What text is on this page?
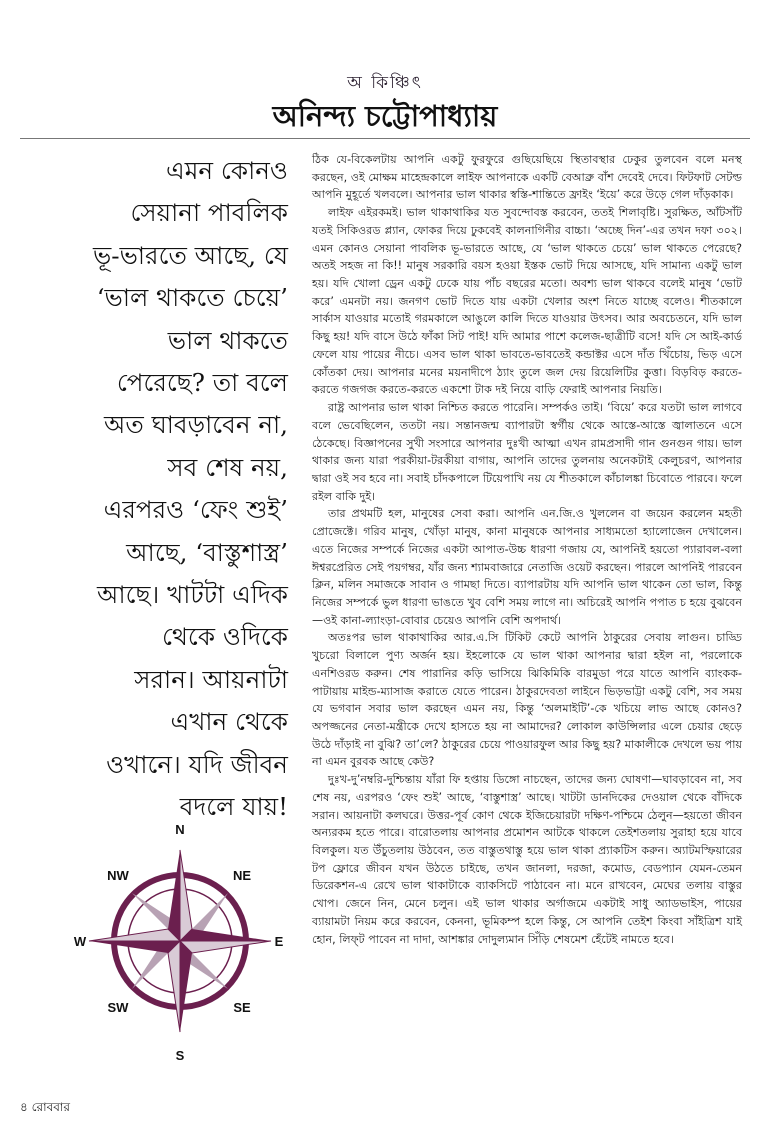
অ কিঞ্চিৎ
অনিন্দ্য চট্টোপাধ্যায়
এমন কোনও
সেয়ানা পাবলিক
ভূ-ভারতে আছে, যে
‘ভাল থাকতে চেয়ে’
ভাল থাকতে
পেরেছে? তা বলে
অত ঘাবড়াবেন না,
সব শেষ নয়,
এরপরও ‘ফেং শুই’
আছে, ‘বাস্তুশাস্ত্র’
আছে। খাটটা এদিক
থেকে ওদিকে
সরান। আয়নাটা
এখান থেকে
ওখানে। যদি জীবন
বদলে যায়!
N
NE
E
SE
S
SW
W
NW

ঠিক যে-বিকেলটায় আপনি একটু ফুরফুরে গুছিয়েছিয়ে স্থিতাবস্থার ঢেকুর তুলবেন বলে মনস্থ করছেন, ওই মোক্ষম মাহেন্দ্রকালে লাইফ আপনাকে একটি বেআব্রু বাঁশ দেবেই দেবে। ফিটফাট সেটল্ড আপনি মুহূর্তে খলবলে। আপনার ভাল থাকার স্বস্তি-শান্তিতে ফ্রাইং ‘ইয়ে’ করে উড়ে গেল দাঁড়কাক।

লাইফ এইরকমই। ভাল থাকাথাকির যত সুবন্দোবস্ত করবেন, ততই শিলাবৃষ্টি। সুরক্ষিত, আঁটসাঁট যতই সিকিওরড প্ল্যান, ফোকর দিয়ে ঢুকবেই কালনাগিনীর বাচ্চা। ‘অচ্ছে দিন’-এর তখন দফা ৩০২। এমন কোনও সেয়ানা পাবলিক ভূ-ভারতে আছে, যে ‘ভাল থাকতে চেয়ে’ ভাল থাকতে পেরেছে? অতই সহজ না কি!! মানুষ সরকারি বয়স হওয়া ইস্তক ভোট দিয়ে আসছে, যদি সামান্য একটু ভাল হয়। যদি খোলা ড্রেন একটু ঢেকে যায় পাঁচ বছরের মতো। অবশ্য ভাল থাকবে বলেই মানুষ ‘ভোট করে’ এমনটা নয়। জনগণ ভোট দিতে যায় একটা খেলার অংশ নিতে যাচ্ছে বলেও। শীতকালে সার্কাস যাওয়ার মতোই গরমকালে আঙুলে কালি দিতে যাওয়ার উৎসব। আর অবচেতনে, যদি ভাল কিছু হয়! যদি বাসে উঠে ফাঁকা সিট পাই! যদি আমার পাশে কলেজ-ছাত্রীটি বসে! যদি সে আই-কার্ড ফেলে যায় পায়ের নীচে। এসব ভাল থাকা ভাবতে-ভাবতেই কন্ডাক্টর এসে দাঁত খিঁচোয়, ভিড় এসে কোঁতকা দেয়। আপনার মনের ময়নাদীপে ঠ্যাং তুলে জল দেয় রিয়েলিটির কুত্তা। বিড়বিড় করতে-করতে গজগজ করতে-করতে একশো টাক দই নিয়ে বাড়ি ফেরাই আপনার নিয়তি।

রাষ্ট্র আপনার ভাল থাকা নিশ্চিত করতে পারেনি। সম্পর্কও তাই। ‘বিয়ে’ করে যতটা ভাল লাগবে বলে ভেবেছিলেন, ততটা নয়। সন্তানজন্ম ব্যাপারটা স্বর্গীয় থেকে আস্তে-আস্তে জ্বালাতনে এসে ঠেকেছে। বিজ্ঞাপনের সুখী সংসারে আপনার দুঃখী আত্মা এখন রামপ্রসাদী গান গুনগুন গায়। ভাল থাকার জন্য যারা পরকীয়া-টরকীয়া বাগায়, আপনি তাদের তুলনায় অনেকটাই কেলুচরণ, আপনার দ্বারা ওই সব হবে না। সবাই চাঁদকপালে টিয়েপাখি নয় যে শীতকালে কাঁচালঙ্কা চিবোতে পারবে। ফলে রইল বাকি দুই।

তার প্রথমটি হল, মানুষের সেবা করা। আপনি এন.জি.ও খুললেন বা জয়েন করলেন মহতী প্রোজেক্টে। গরিব মানুষ, খোঁড়া মানুষ, কানা মানুষকে আপনার সাধ্যমতো হ্যালোজেন দেখালেন। এতে নিজের সম্পর্কে নিজের একটা আপাত-উচ্চ ধারণা গজায় যে, আপনিই হয়তো প্যারাবল-বলা ঈশ্বরপ্রেরিত সেই পয়গম্বর, যাঁর জন্য শ্যামবাজারে নেতাজি ওয়েট করছেন। পারলে আপনিই পারবেন ক্লিন, মলিন সমাজকে সাবান ও গামছা দিতে। ব্যাপারটায় যদি আপনি ভাল থাকেন তো ভাল, কিন্তু নিজের সম্পর্কে ভুল ধারণা ভাঙতে খুব বেশি সময় লাগে না। অচিরেই আপনি পপাত চ হয়ে বুঝবেন—ওই কানা-ল্যাংড়া-বোবার চেয়েও আপনি বেশি অপদার্থ।

অতঃপর ভাল থাকাথাকির আর.এ.সি টিকিট কেটে আপনি ঠাকুরের সেবায় লাগুন। চাড্ডি খুচরো বিলালে পুণ্য অর্জন হয়। ইহলোকে যে ভাল থাকা আপনার দ্বারা হইল না, পরলোকে এনশিওরড করুন। শেষ পারানির কড়ি ভাসিয়ে ঝিকিমিকি বারমুডা পরে যাতে আপনি ব্যাংকক-পাটায়ায় মাইন্ড-ম্যাসাজ করাতে যেতে পারেন। ঠাকুরদেবতা লাইনে ভিড়ভাট্টা একটু বেশি, সব সময় যে ভগবান সবার ভাল করছেন এমন নয়, কিন্তু ‘অলমাইটি’-কে খচিয়ে লাভ আছে কোনও? অপজ্জনের নেতা-মন্ত্রীকে দেখে হাসতে হয় না আমাদের? লোকাল কাউন্সিলার এলে চেয়ার ছেড়ে উঠে দাঁড়াই না বুঝি? তা’লে? ঠাকুরের চেয়ে পাওয়ারফুল আর কিছু হয়? মাকালীকে দেখলে ভয় পায় না এমন বুরবক আছে কেউ?

দুঃখ-দু’নম্বরি-দুশ্চিন্তায় যাঁরা ফি হপ্তায় ডিঙ্গো নাচছেন, তাদের জন্য ঘোষণা—ঘাবড়াবেন না, সব শেষ নয়, এরপরও ‘ফেং শুই’ আছে, ‘বাস্তুশাস্ত্র’ আছে। খাটটা ডানদিকের দেওয়াল থেকে বাঁদিকে সরান। আয়নাটা কলঘরে। উত্তর-পূর্ব কোণ থেকে ইজিচেয়ারটা দক্ষিণ-পশ্চিমে ঠেলুন—হয়তো জীবন অন্যরকম হতে পারে। বারোতলায় আপনার প্রমোশন আটকে থাকলে তেইশতলায় সুরাহা হয়ে যাবে বিলকুল। যত উঁচুতলায় উঠবেন, তত বাস্তুতথাস্তু হয়ে ভাল থাকা প্র্যাকটিস করুন। অ্যাটমস্ফিয়ারের টপ ফ্লোরে জীবন যখন উঠতে চাইছে, তখন জানলা, দরজা, কমোড, বেডপ্যান যেমন-তেমন ডিরেকশন-এ রেখে ভাল থাকাটাকে ব্যাকসিটে পাঠাবেন না। মনে রাখবেন, মেঘের তলায় বাস্তুর খোপ। জেনে নিন, মেনে চলুন। এই ভাল থাকার অর্গাজমে একটাই সাধু অ্যাডভাইস, পায়ের ব্যায়ামটা নিয়ম করে করবেন, কেননা, ভূমিকম্প হলে কিন্তু, সে আপনি তেইশ কিংবা সাঁইত্রিশ যাই হোন, লিফ্‌ট পাবেন না দাদা, আশঙ্কার দোদুল্যমান সিঁড়ি শেষমেশ হেঁটেই নামতে হবে।

৪ রোববার
